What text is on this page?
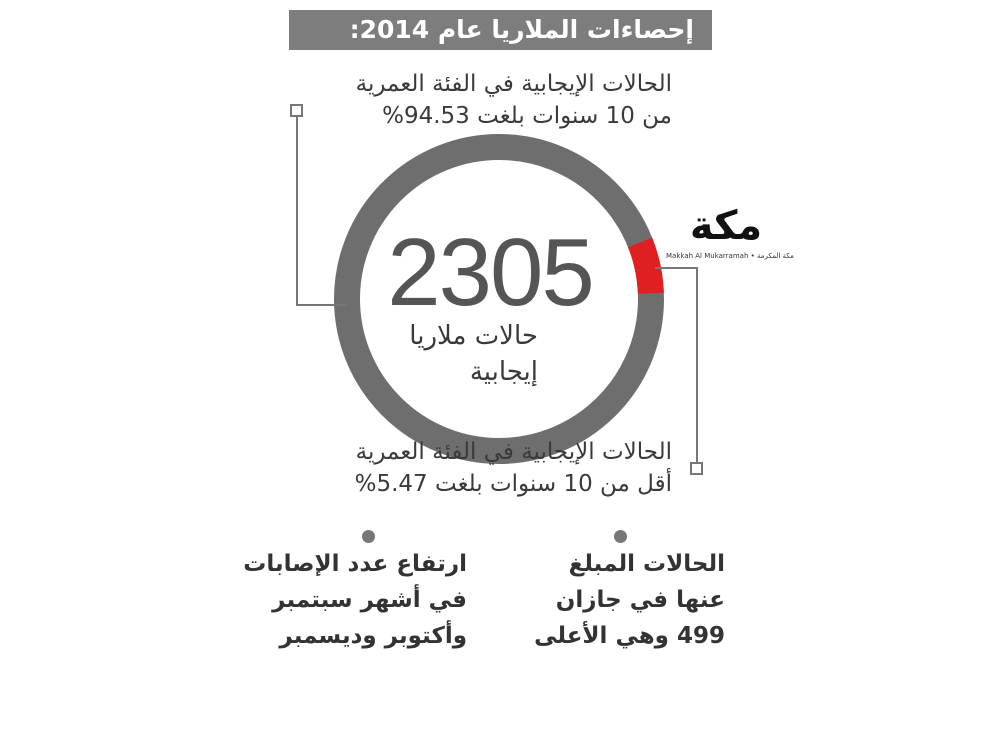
إحصاءات الملاريا عام 2014:
الحالات الإيجابية في الفئة العمرية
من 10 سنوات بلغت 94.53%
2305
حالات ملاريا
إيجابية
مكة
Makkah Al Mukarramah • مكة المكرمة
الحالات الإيجابية في الفئة العمرية
أقل من 10 سنوات بلغت 5.47%
الحالات المبلغ
عنها في جازان
499 وهي الأعلى
ارتفاع عدد الإصابات
في أشهر سبتمبر
وأكتوبر وديسمبر
